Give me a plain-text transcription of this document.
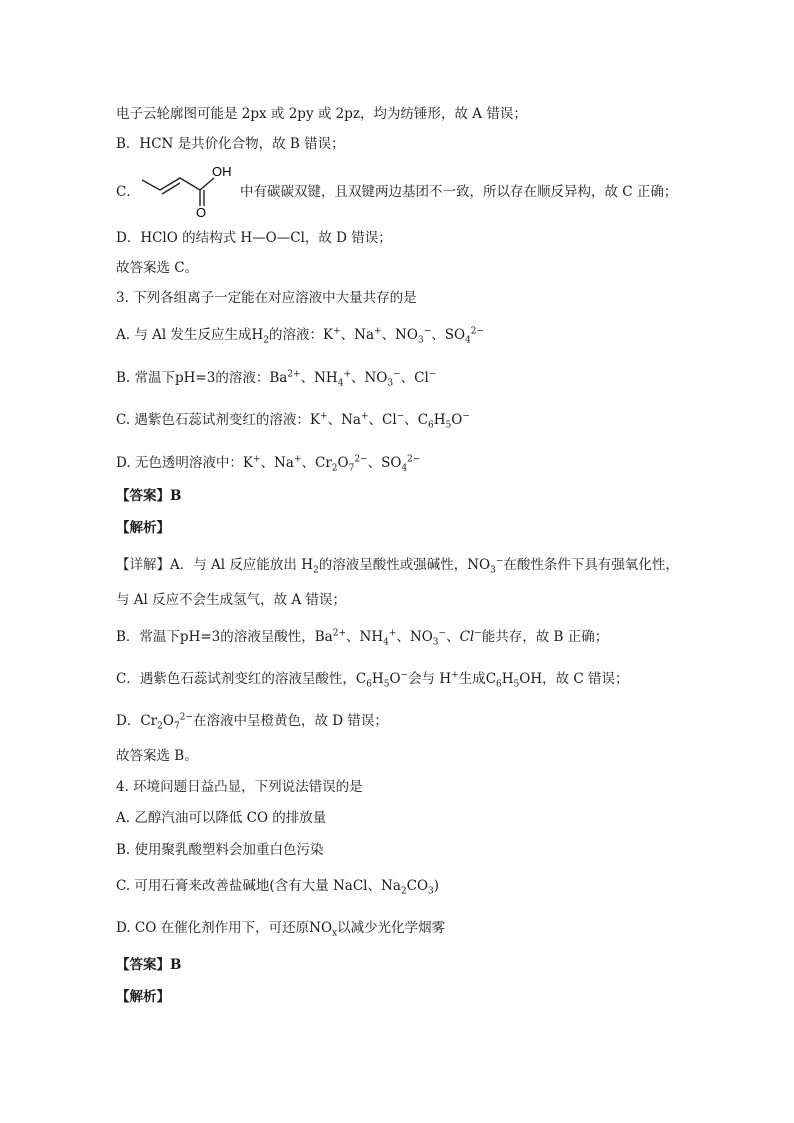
电子云轮廓图可能是 2px 或 2py 或 2pz，均为纺锤形，故 A 错误；
B．HCN 是共价化合物，故 B 错误；
C．
OH
O
中有碳碳双键，且双键两边基团不一致，所以存在顺反异构，故 C 正确；
D．HClO 的结构式 H—O—Cl，故 D 错误；
故答案选 C。
3. 下列各组离子一定能在对应溶液中大量共存的是
A. 与 Al 发生反应生成$H_2$的溶液：K+、Na+、$NO_3^-$、$SO_4^{2-}$
B. 常温下pH=3的溶液：$Ba^{2+}$、$NH_4^+$、$NO_3^-$、Cl−
C. 遇紫色石蕊试剂变红的溶液：K+、Na+、Cl−、$C_6H_5O^-$
D. 无色透明溶液中：K+、Na+、$Cr_2O_7^{2-}$、$SO_4^{2-}$
【答案】B
【解析】
【详解】A．与 Al 反应能放出 $H_2$的溶液呈酸性或强碱性，$NO_3^-$在酸性条件下具有强氧化性，
与 Al 反应不会生成氢气，故 A 错误；
B．常温下pH=3的溶液呈酸性，$Ba^{2+}$、$NH_4^+$、$NO_3^-$、Cl−能共存，故 B 正确；
C．遇紫色石蕊试剂变红的溶液呈酸性，$C_6H_5O^-$会与 H+生成$C_6H_5OH$，故 C 错误；
D．$Cr_2O_7^{2-}$在溶液中呈橙黄色，故 D 错误；
故答案选 B。
4. 环境问题日益凸显，下列说法错误的是
A. 乙醇汽油可以降低 CO 的排放量
B. 使用聚乳酸塑料会加重白色污染
C. 可用石膏来改善盐碱地(含有大量 NaCl、$Na_2CO_3$)
D. CO 在催化剂作用下，可还原$NO_x$以减少光化学烟雾
【答案】B
【解析】
